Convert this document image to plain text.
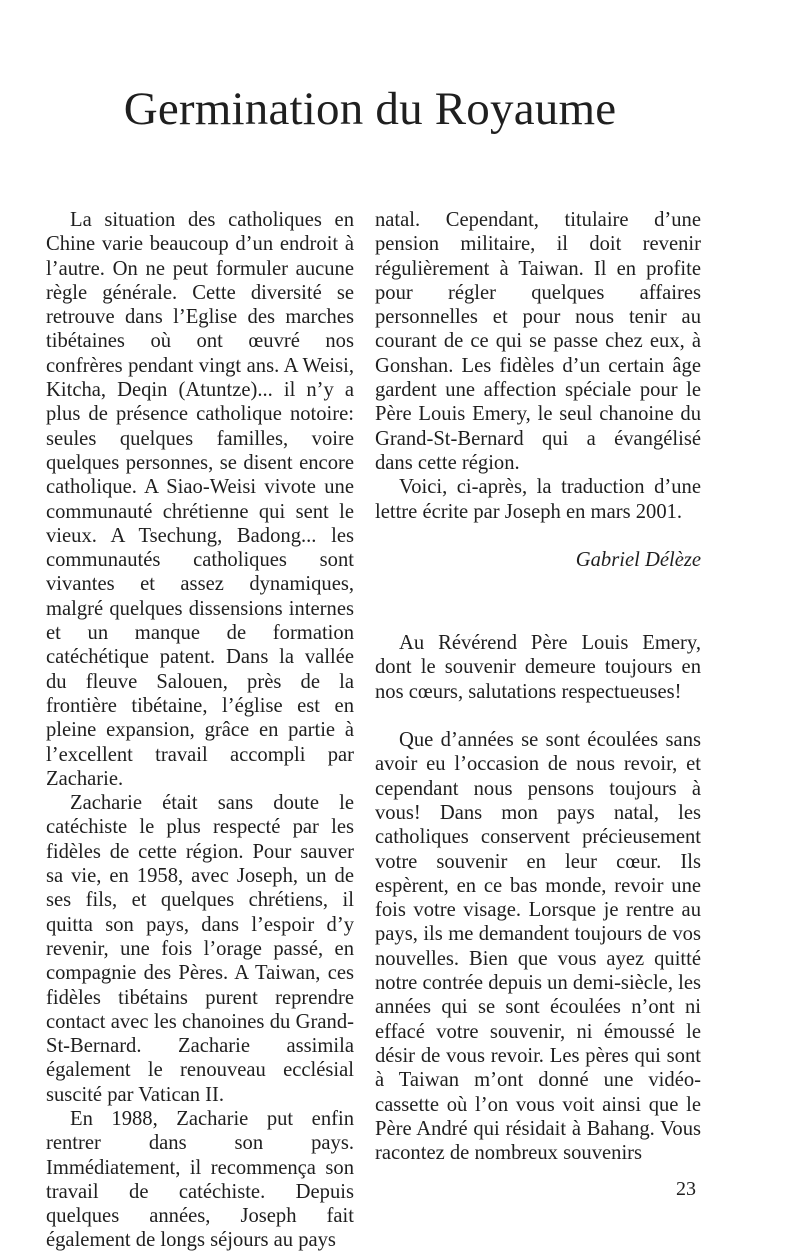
Germination du Royaume

La situation des catholiques en Chine varie beaucoup d’un endroit à l’autre. On ne peut formuler aucune règle générale. Cette diversité se retrouve dans l’Eglise des marches tibétaines où ont œuvré nos confrères pendant vingt ans. A Weisi, Kitcha, Deqin (Atuntze)... il n’y a plus de présence catholique notoire: seules quelques familles, voire quelques personnes, se disent encore catholique. A Siao-Weisi vivote une communauté chrétienne qui sent le vieux. A Tsechung, Badong... les communautés catholiques sont vivantes et assez dynamiques, malgré quelques dissensions internes et un manque de formation catéchétique patent. Dans la vallée du fleuve Salouen, près de la frontière tibétaine, l’église est en pleine expansion, grâce en partie à l’excellent travail accompli par Zacharie.

Zacharie était sans doute le catéchiste le plus respecté par les fidèles de cette région. Pour sauver sa vie, en 1958, avec Joseph, un de ses fils, et quelques chrétiens, il quitta son pays, dans l’espoir d’y revenir, une fois l’orage passé, en compagnie des Pères. A Taiwan, ces fidèles tibétains purent reprendre contact avec les chanoines du Grand-St-Bernard. Zacharie assimila également le renouveau ecclésial suscité par Vatican II.

En 1988, Zacharie put enfin rentrer dans son pays. Immédiatement, il recommença son travail de catéchiste. Depuis quelques années, Joseph fait également de longs séjours au pays

natal. Cependant, titulaire d’une pension militaire, il doit revenir régulièrement à Taiwan. Il en profite pour régler quelques affaires personnelles et pour nous tenir au courant de ce qui se passe chez eux, à Gonshan. Les fidèles d’un certain âge gardent une affection spéciale pour le Père Louis Emery, le seul chanoine du Grand-St-Bernard qui a évangélisé dans cette région.

Voici, ci-après, la traduction d’une lettre écrite par Joseph en mars 2001.

Gabriel Délèze

Au Révérend Père Louis Emery, dont le souvenir demeure toujours en nos cœurs, salutations respectueuses!

Que d’années se sont écoulées sans avoir eu l’occasion de nous revoir, et cependant nous pensons toujours à vous! Dans mon pays natal, les catholiques conservent précieusement votre souvenir en leur cœur. Ils espèrent, en ce bas monde, revoir une fois votre visage. Lorsque je rentre au pays, ils me demandent toujours de vos nouvelles. Bien que vous ayez quitté notre contrée depuis un demi-siècle, les années qui se sont écoulées n’ont ni effacé votre souvenir, ni émoussé le désir de vous revoir. Les pères qui sont à Taiwan m’ont donné une vidéo-cassette où l’on vous voit ainsi que le Père André qui résidait à Bahang. Vous racontez de nombreux souvenirs

23
